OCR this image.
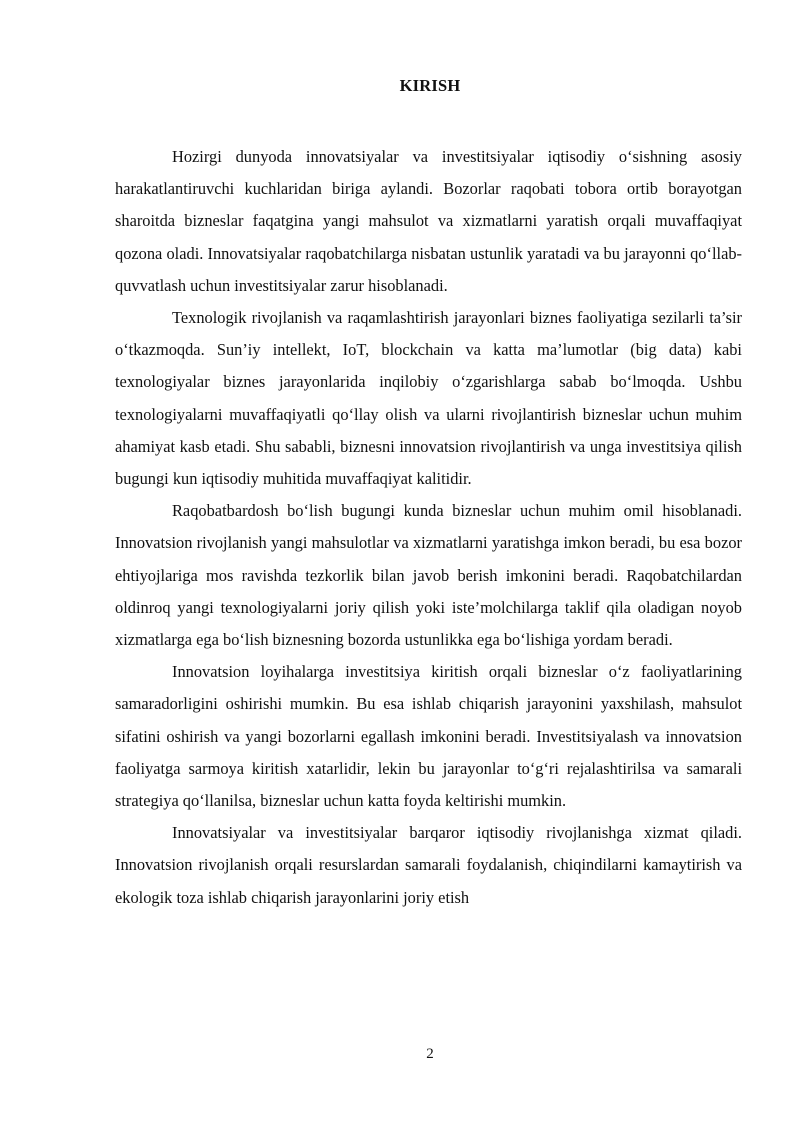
KIRISH

Hozirgi dunyoda innovatsiyalar va investitsiyalar iqtisodiy o‘sishning asosiy harakatlantiruvchi kuchlaridan biriga aylandi. Bozorlar raqobati tobora ortib borayotgan sharoitda bizneslar faqatgina yangi mahsulot va xizmatlarni yaratish orqali muvaffaqiyat qozona oladi. Innovatsiyalar raqobatchilarga nisbatan ustunlik yaratadi va bu jarayonni qo‘llab-quvvatlash uchun investitsiyalar zarur hisoblanadi.

Texnologik rivojlanish va raqamlashtirish jarayonlari biznes faoliyatiga sezilarli ta’sir o‘tkazmoqda. Sun’iy intellekt, IoT, blockchain va katta ma’lumotlar (big data) kabi texnologiyalar biznes jarayonlarida inqilobiy o‘zgarishlarga sabab bo‘lmoqda. Ushbu texnologiyalarni muvaffaqiyatli qo‘llay olish va ularni rivojlantirish bizneslar uchun muhim ahamiyat kasb etadi. Shu sababli, biznesni innovatsion rivojlantirish va unga investitsiya qilish bugungi kun iqtisodiy muhitida muvaffaqiyat kalitidir.

Raqobatbardosh bo‘lish bugungi kunda bizneslar uchun muhim omil hisoblanadi. Innovatsion rivojlanish yangi mahsulotlar va xizmatlarni yaratishga imkon beradi, bu esa bozor ehtiyojlariga mos ravishda tezkorlik bilan javob berish imkonini beradi. Raqobatchilardan oldinroq yangi texnologiyalarni joriy qilish yoki iste’molchilarga taklif qila oladigan noyob xizmatlarga ega bo‘lish biznesning bozorda ustunlikka ega bo‘lishiga yordam beradi.

Innovatsion loyihalarga investitsiya kiritish orqali bizneslar o‘z faoliyatlarining samaradorligini oshirishi mumkin. Bu esa ishlab chiqarish jarayonini yaxshilash, mahsulot sifatini oshirish va yangi bozorlarni egallash imkonini beradi. Investitsiyalash va innovatsion faoliyatga sarmoya kiritish xatarlidir, lekin bu jarayonlar to‘g‘ri rejalashtirilsa va samarali strategiya qo‘llanilsa, bizneslar uchun katta foyda keltirishi mumkin.

Innovatsiyalar va investitsiyalar barqaror iqtisodiy rivojlanishga xizmat qiladi. Innovatsion rivojlanish orqali resurslardan samarali foydalanish, chiqindilarni kamaytirish va ekologik toza ishlab chiqarish jarayonlarini joriy etish

2
